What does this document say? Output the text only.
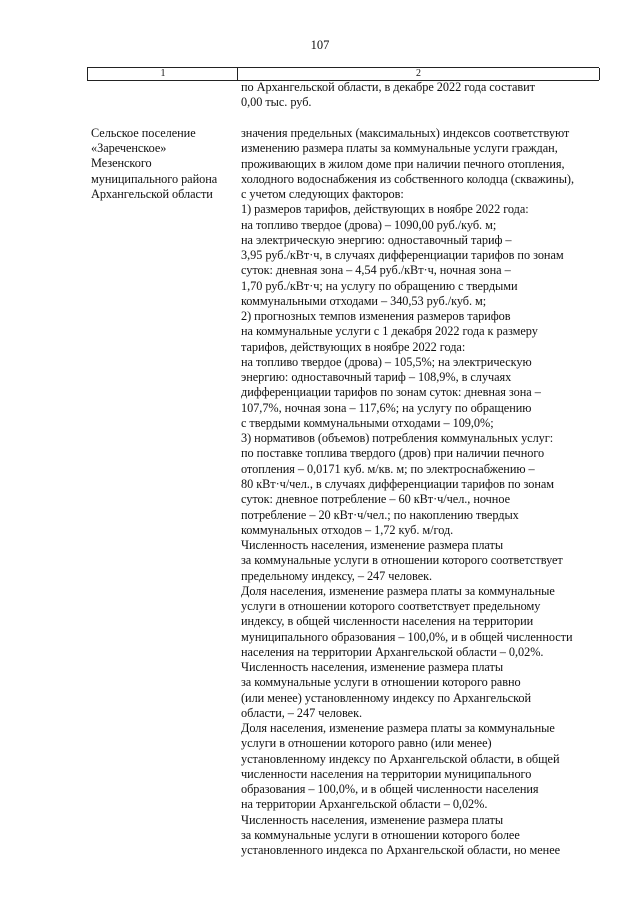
107
1	2
по Архангельской области, в декабре 2022 года составит
0,00 тыс. руб.
Сельское поселение
«Зареченское»
Мезенского
муниципального района
Архангельской области
значения предельных (максимальных) индексов соответствуют
изменению размера платы за коммунальные услуги граждан,
проживающих в жилом доме при наличии печного отопления,
холодного водоснабжения из собственного колодца (скважины),
с учетом следующих факторов:
1) размеров тарифов, действующих в ноябре 2022 года:
на топливо твердое (дрова) – 1090,00 руб./куб. м;
на электрическую энергию: одноставочный тариф –
3,95 руб./кВт·ч, в случаях дифференциации тарифов по зонам
суток: дневная зона – 4,54 руб./кВт·ч, ночная зона –
1,70 руб./кВт·ч; на услугу по обращению с твердыми
коммунальными отходами – 340,53 руб./куб. м;
2) прогнозных темпов изменения размеров тарифов
на коммунальные услуги с 1 декабря 2022 года к размеру
тарифов, действующих в ноябре 2022 года:
на топливо твердое (дрова) – 105,5%; на электрическую
энергию: одноставочный тариф – 108,9%, в случаях
дифференциации тарифов по зонам суток: дневная зона –
107,7%, ночная зона – 117,6%; на услугу по обращению
с твердыми коммунальными отходами – 109,0%;
3) нормативов (объемов) потребления коммунальных услуг:
по поставке топлива твердого (дров) при наличии печного
отопления – 0,0171 куб. м/кв. м; по электроснабжению –
80 кВт·ч/чел., в случаях дифференциации тарифов по зонам
суток: дневное потребление – 60 кВт·ч/чел., ночное
потребление – 20 кВт·ч/чел.; по накоплению твердых
коммунальных отходов – 1,72 куб. м/год.
Численность населения, изменение размера платы
за коммунальные услуги в отношении которого соответствует
предельному индексу, – 247 человек.
Доля населения, изменение размера платы за коммунальные
услуги в отношении которого соответствует предельному
индексу, в общей численности населения на территории
муниципального образования – 100,0%, и в общей численности
населения на территории Архангельской области – 0,02%.
Численность населения, изменение размера платы
за коммунальные услуги в отношении которого равно
(или менее) установленному индексу по Архангельской
области, – 247 человек.
Доля населения, изменение размера платы за коммунальные
услуги в отношении которого равно (или менее)
установленному индексу по Архангельской области, в общей
численности населения на территории муниципального
образования – 100,0%, и в общей численности населения
на территории Архангельской области – 0,02%.
Численность населения, изменение размера платы
за коммунальные услуги в отношении которого более
установленного индекса по Архангельской области, но менее
